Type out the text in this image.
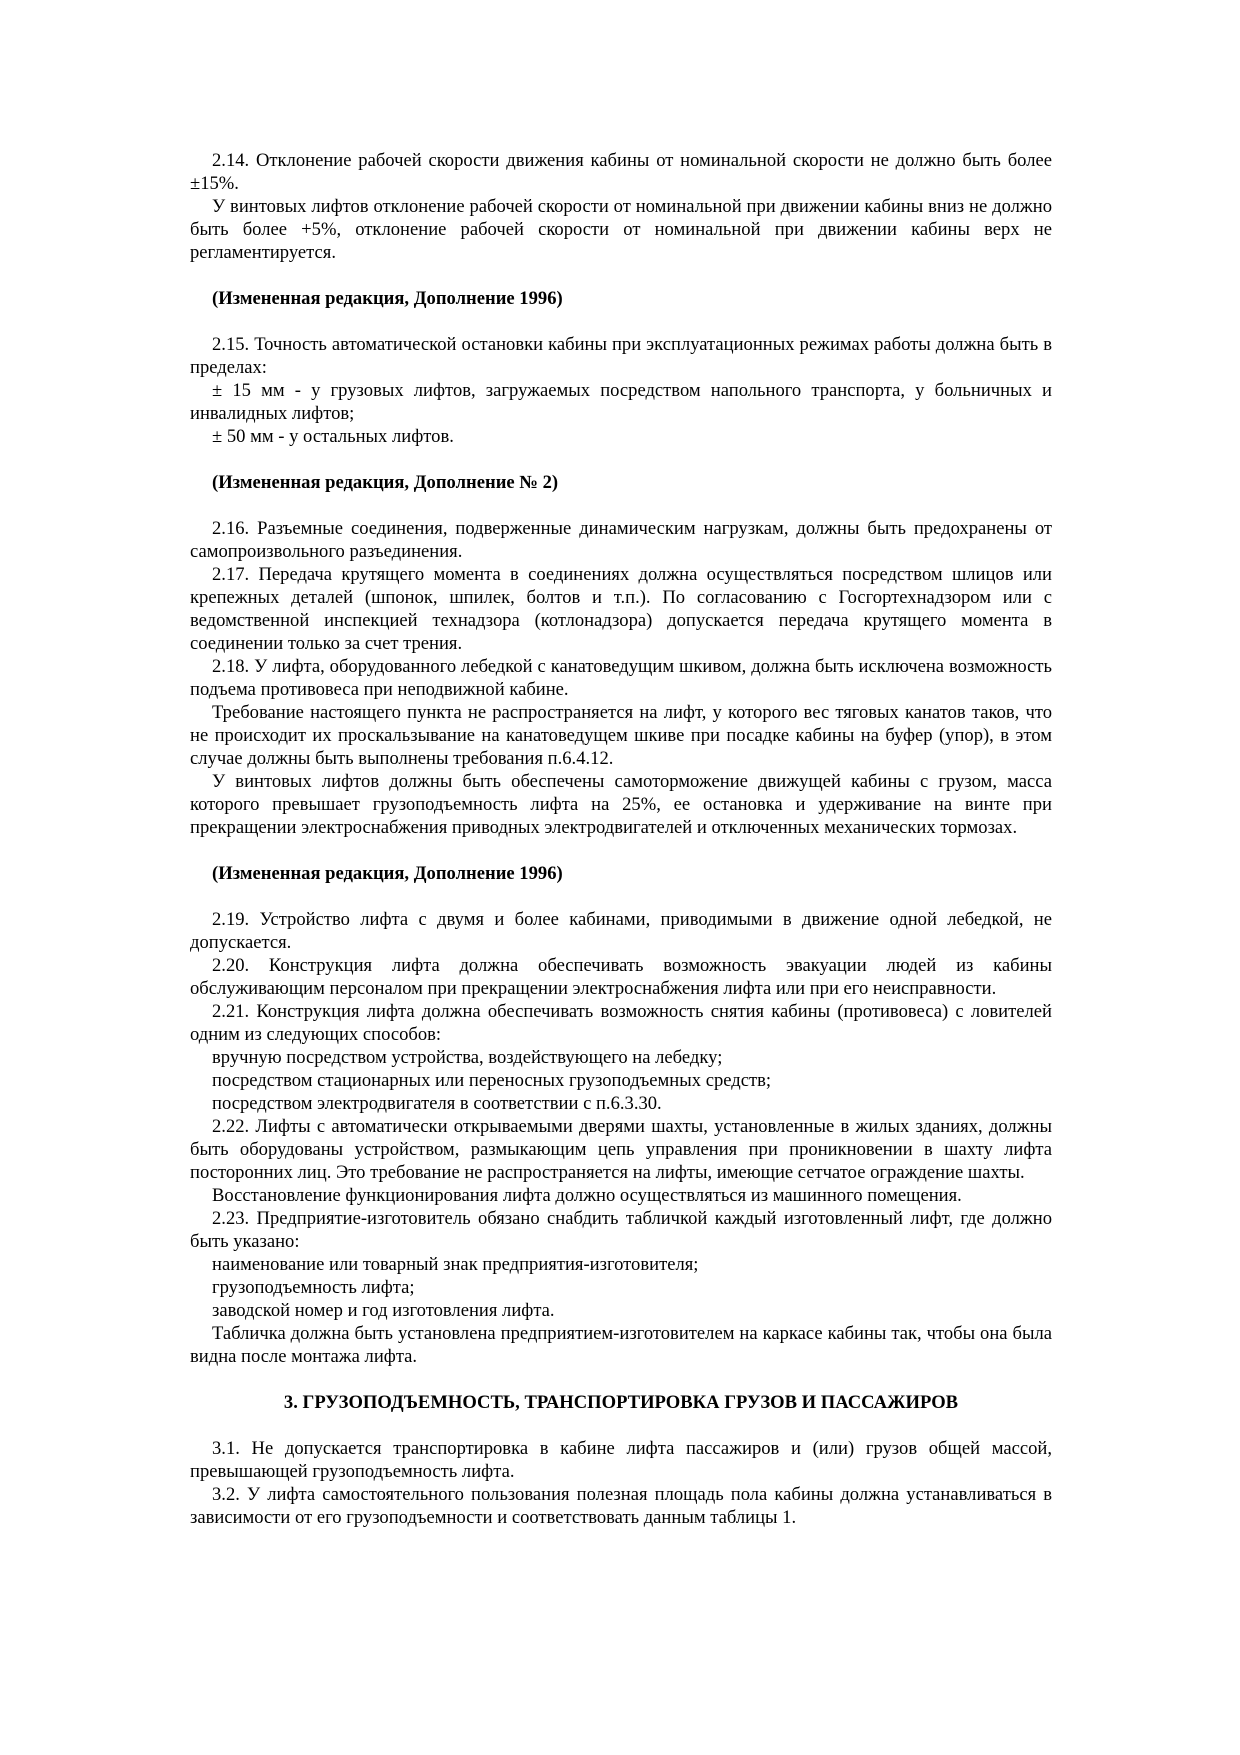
2.14. Отклонение рабочей скорости движения кабины от номинальной скорости не должно быть более ±15%.

У винтовых лифтов отклонение рабочей скорости от номинальной при движении кабины вниз не должно быть более +5%, отклонение рабочей скорости от номинальной при движении кабины верх не регламентируется.

(Измененная редакция, Дополнение 1996)

2.15. Точность автоматической остановки кабины при эксплуатационных режимах работы должна быть в пределах:

± 15 мм - у грузовых лифтов, загружаемых посредством напольного транспорта, у больничных и инвалидных лифтов;

± 50 мм - у остальных лифтов.

(Измененная редакция, Дополнение № 2)

2.16. Разъемные соединения, подверженные динамическим нагрузкам, должны быть предохранены от самопроизвольного разъединения.

2.17. Передача крутящего момента в соединениях должна осуществляться посредством шлицов или крепежных деталей (шпонок, шпилек, болтов и т.п.). По согласованию с Госгортехнадзором или с ведомственной инспекцией технадзора (котлонадзора) допускается передача крутящего момента в соединении только за счет трения.

2.18. У лифта, оборудованного лебедкой с канатоведущим шкивом, должна быть исключена возможность подъема противовеса при неподвижной кабине.

Требование настоящего пункта не распространяется на лифт, у которого вес тяговых канатов таков, что не происходит их проскальзывание на канатоведущем шкиве при посадке кабины на буфер (упор), в этом случае должны быть выполнены требования п.6.4.12.

У винтовых лифтов должны быть обеспечены самоторможение движущей кабины с грузом, масса которого превышает грузоподъемность лифта на 25%, ее остановка и удерживание на винте при прекращении электроснабжения приводных электродвигателей и отключенных механических тормозах.

(Измененная редакция, Дополнение 1996)

2.19. Устройство лифта с двумя и более кабинами, приводимыми в движение одной лебедкой, не допускается.

2.20. Конструкция лифта должна обеспечивать возможность эвакуации людей из кабины обслуживающим персоналом при прекращении электроснабжения лифта или при его неисправности.

2.21. Конструкция лифта должна обеспечивать возможность снятия кабины (противовеса) с ловителей одним из следующих способов:

вручную посредством устройства, воздействующего на лебедку;

посредством стационарных или переносных грузоподъемных средств;

посредством электродвигателя в соответствии с п.6.3.30.

2.22. Лифты с автоматически открываемыми дверями шахты, установленные в жилых зданиях, должны быть оборудованы устройством, размыкающим цепь управления при проникновении в шахту лифта посторонних лиц. Это требование не распространяется на лифты, имеющие сетчатое ограждение шахты.

Восстановление функционирования лифта должно осуществляться из машинного помещения.

2.23. Предприятие-изготовитель обязано снабдить табличкой каждый изготовленный лифт, где должно быть указано:

наименование или товарный знак предприятия-изготовителя;

грузоподъемность лифта;

заводской номер и год изготовления лифта.

Табличка должна быть установлена предприятием-изготовителем на каркасе кабины так, чтобы она была видна после монтажа лифта.

3. ГРУЗОПОДЪЕМНОСТЬ, ТРАНСПОРТИРОВКА ГРУЗОВ И ПАССАЖИРОВ

3.1. Не допускается транспортировка в кабине лифта пассажиров и (или) грузов общей массой, превышающей грузоподъемность лифта.

3.2. У лифта самостоятельного пользования полезная площадь пола кабины должна устанавливаться в зависимости от его грузоподъемности и соответствовать данным таблицы 1.
